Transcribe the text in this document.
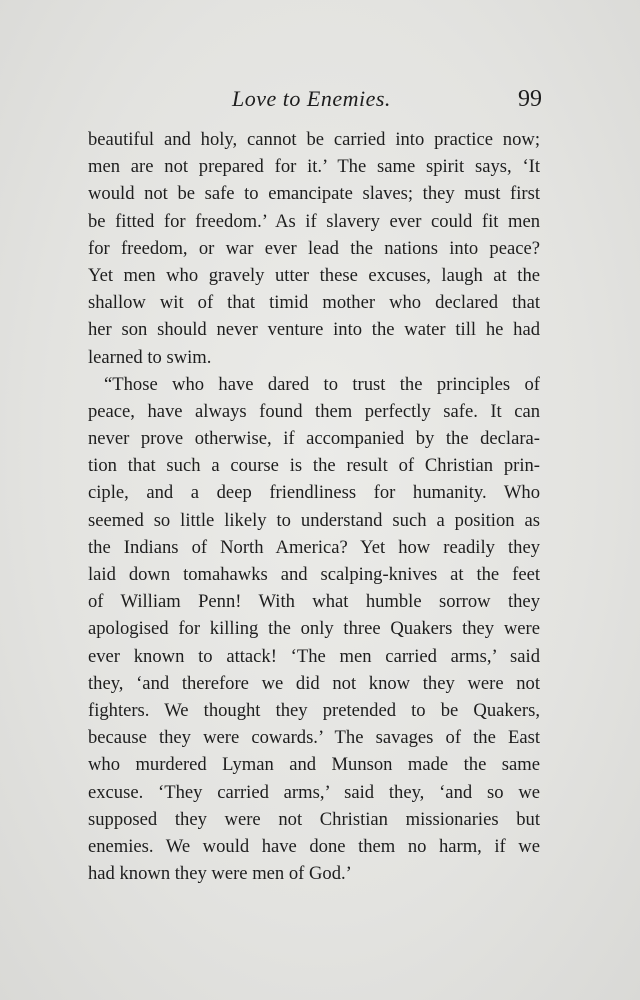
Love to Enemies.	99
beautiful and holy, cannot be carried into practice now;
men are not prepared for it.’ The same spirit says, ‘It
would not be safe to emancipate slaves; they must first
be fitted for freedom.’ As if slavery ever could fit men
for freedom, or war ever lead the nations into peace?
Yet men who gravely utter these excuses, laugh at the
shallow wit of that timid mother who declared that
her son should never venture into the water till he had
learned to swim.
“Those who have dared to trust the principles of
peace, have always found them perfectly safe. It can
never prove otherwise, if accompanied by the declara-
tion that such a course is the result of Christian prin-
ciple, and a deep friendliness for humanity. Who
seemed so little likely to understand such a position as
the Indians of North America? Yet how readily they
laid down tomahawks and scalping-knives at the feet
of William Penn! With what humble sorrow they
apologised for killing the only three Quakers they were
ever known to attack! ‘The men carried arms,’ said
they, ‘and therefore we did not know they were not
fighters. We thought they pretended to be Quakers,
because they were cowards.’ The savages of the East
who murdered Lyman and Munson made the same
excuse. ‘They carried arms,’ said they, ‘and so we
supposed they were not Christian missionaries but
enemies. We would have done them no harm, if we
had known they were men of God.’
